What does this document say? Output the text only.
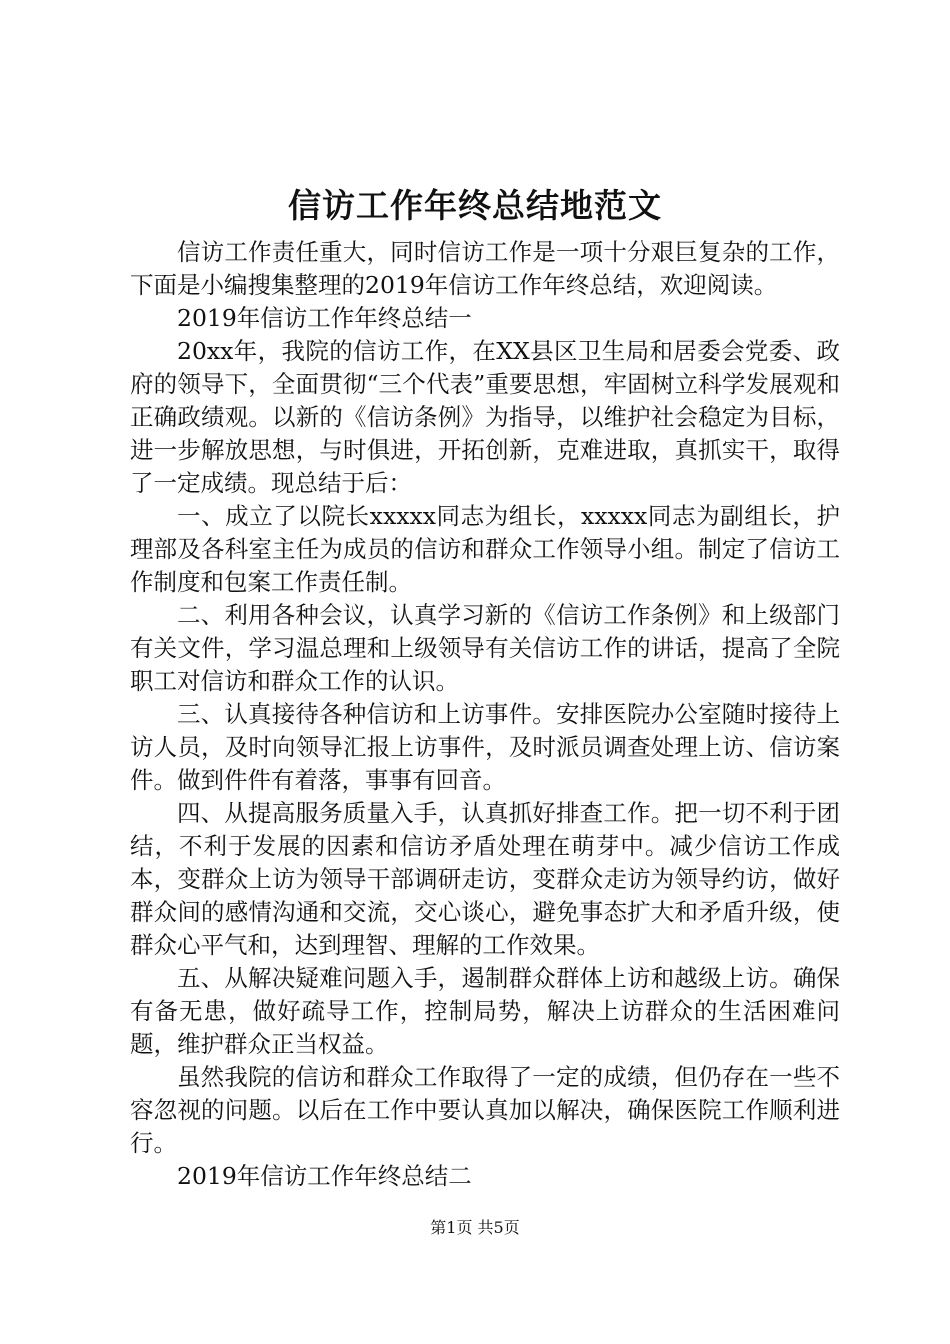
信访工作年终总结地范文

信访工作责任重大，同时信访工作是一项十分艰巨复杂的工作，下面是小编搜集整理的2019年信访工作年终总结，欢迎阅读。

2019年信访工作年终总结一

20xx年，我院的信访工作，在XX县区卫生局和居委会党委、政府的领导下，全面贯彻“三个代表”重要思想，牢固树立科学发展观和正确政绩观。以新的《信访条例》为指导，以维护社会稳定为目标，进一步解放思想，与时俱进，开拓创新，克难进取，真抓实干，取得了一定成绩。现总结于后：

一、成立了以院长xxxxx同志为组长，xxxxx同志为副组长，护理部及各科室主任为成员的信访和群众工作领导小组。制定了信访工作制度和包案工作责任制。

二、利用各种会议，认真学习新的《信访工作条例》和上级部门有关文件，学习温总理和上级领导有关信访工作的讲话，提高了全院职工对信访和群众工作的认识。

三、认真接待各种信访和上访事件。安排医院办公室随时接待上访人员，及时向领导汇报上访事件，及时派员调查处理上访、信访案件。做到件件有着落，事事有回音。

四、从提高服务质量入手，认真抓好排查工作。把一切不利于团结，不利于发展的因素和信访矛盾处理在萌芽中。减少信访工作成本，变群众上访为领导干部调研走访，变群众走访为领导约访，做好群众间的感情沟通和交流，交心谈心，避免事态扩大和矛盾升级，使群众心平气和，达到理智、理解的工作效果。

五、从解决疑难问题入手，遏制群众群体上访和越级上访。确保有备无患，做好疏导工作，控制局势，解决上访群众的生活困难问题，维护群众正当权益。

虽然我院的信访和群众工作取得了一定的成绩，但仍存在一些不容忽视的问题。以后在工作中要认真加以解决，确保医院工作顺利进行。

2019年信访工作年终总结二

第1页 共5页
